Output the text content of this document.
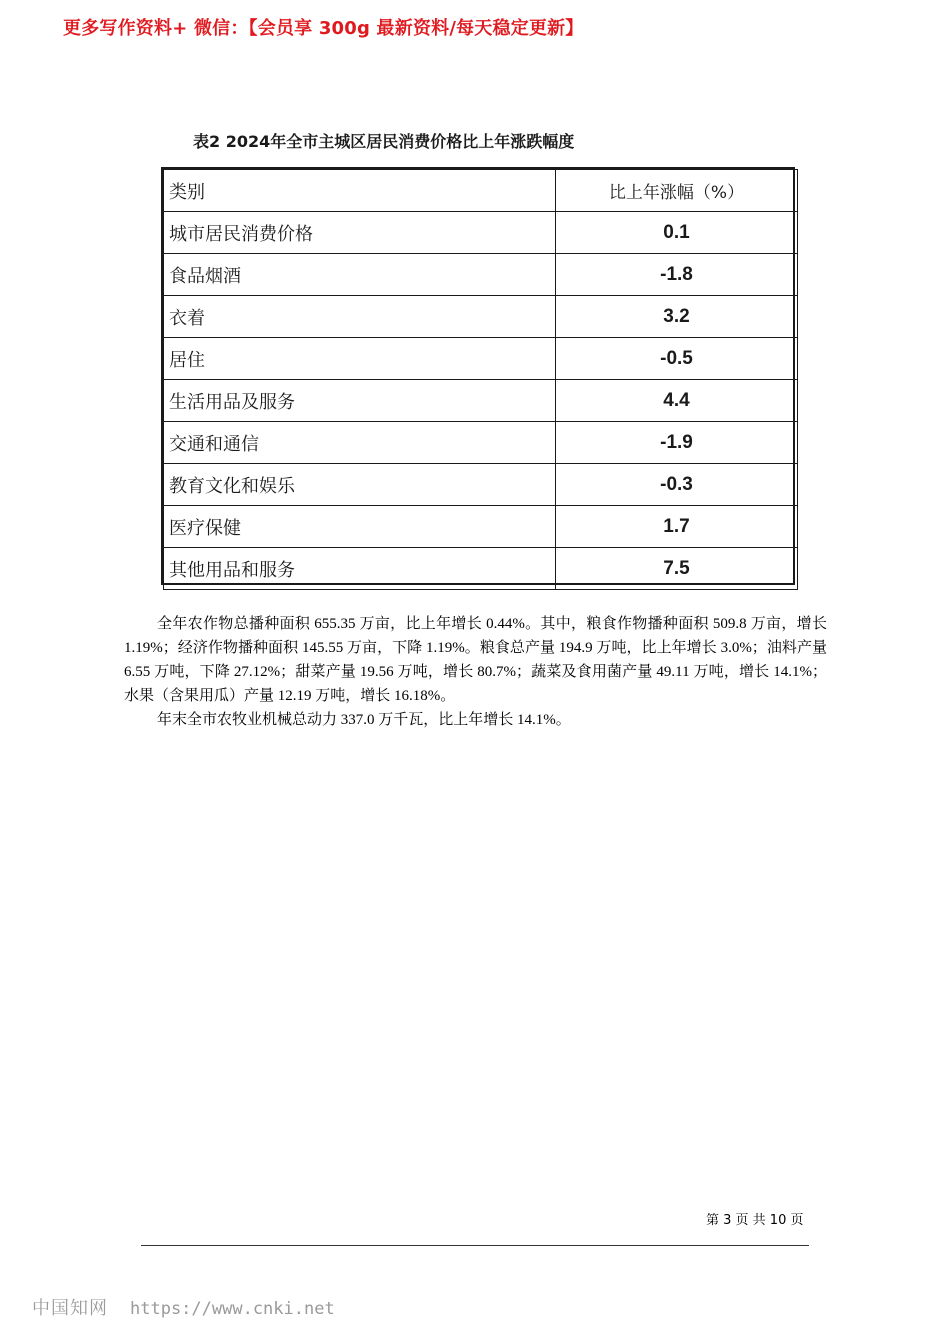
更多写作资料+ 微信：【会员享 300g 最新资料/每天稳定更新】
表2 2024年全市主城区居民消费价格比上年涨跌幅度
类别	比上年涨幅（%）
城市居民消费价格	0.1
食品烟酒	-1.8
衣着	3.2
居住	-0.5
生活用品及服务	4.4
交通和通信	-1.9
教育文化和娱乐	-0.3
医疗保健	1.7
其他用品和服务	7.5

全年农作物总播种面积 655.35 万亩，比上年增长 0.44%。其中，粮食作物播种面积 509.8 万亩，增长 1.19%；经济作物播种面积 145.55 万亩，下降 1.19%。粮食总产量 194.9 万吨，比上年增长 3.0%；油料产量 6.55 万吨，下降 27.12%；甜菜产量 19.56 万吨，增长 80.7%；蔬菜及食用菌产量 49.11 万吨，增长 14.1%；水果（含果用瓜）产量 12.19 万吨，增长 16.18%。

年末全市农牧业机械总动力 337.0 万千瓦，比上年增长 14.1%。

第 3 页 共 10 页
中国知网 https://www.cnki.net
